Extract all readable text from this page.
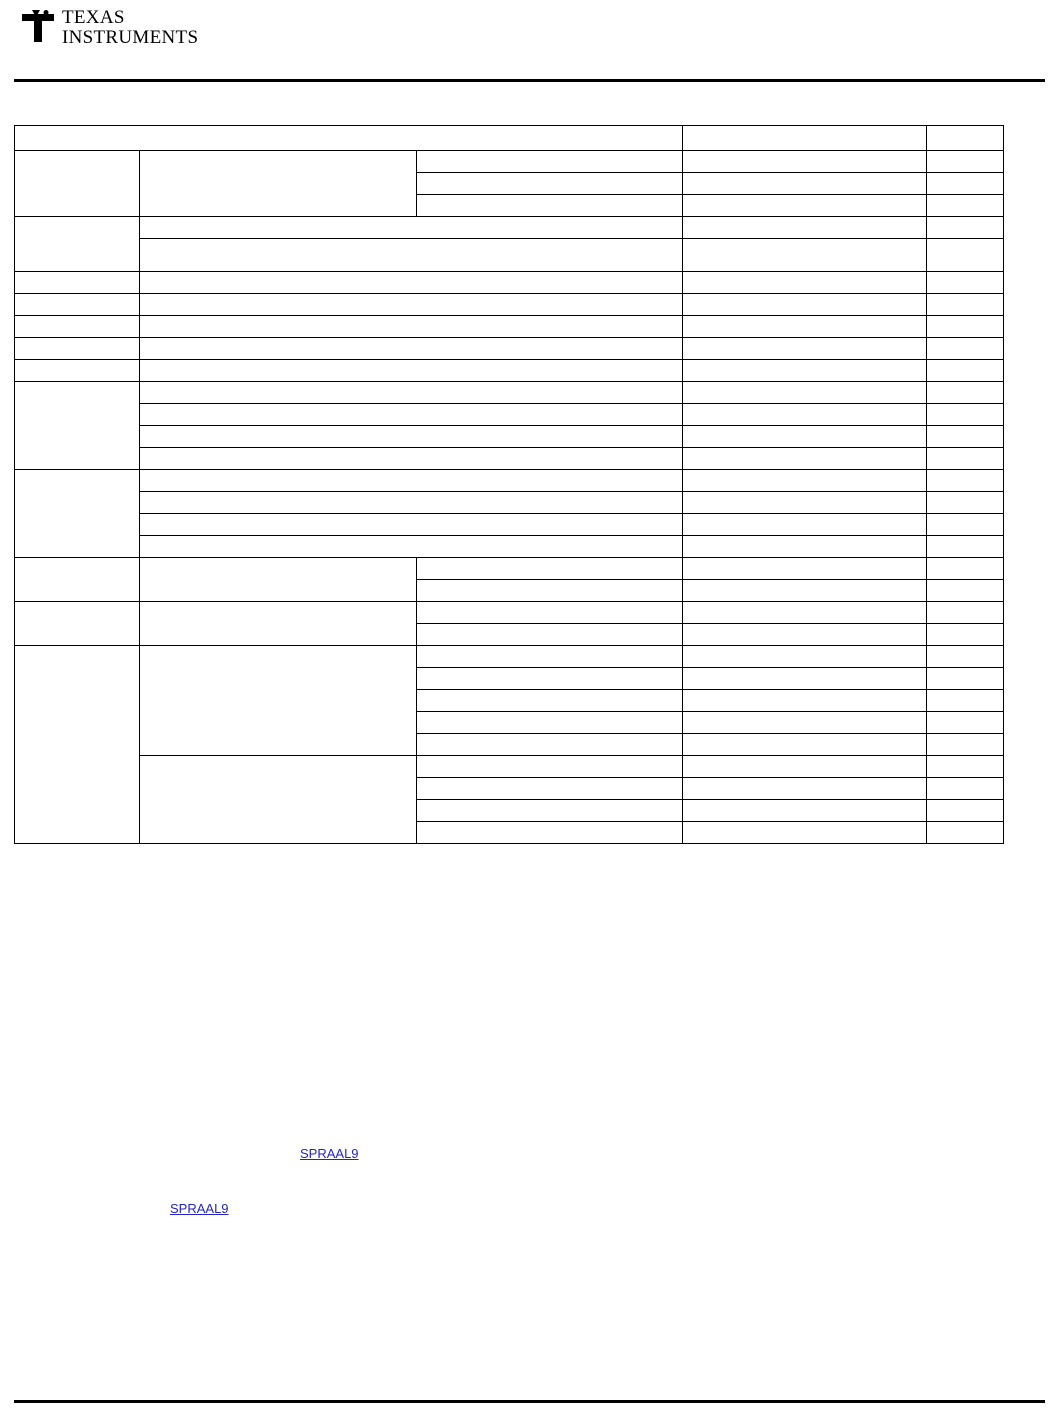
TEXAS
INSTRUMENTS

SPRAAL9
SPRAAL9
